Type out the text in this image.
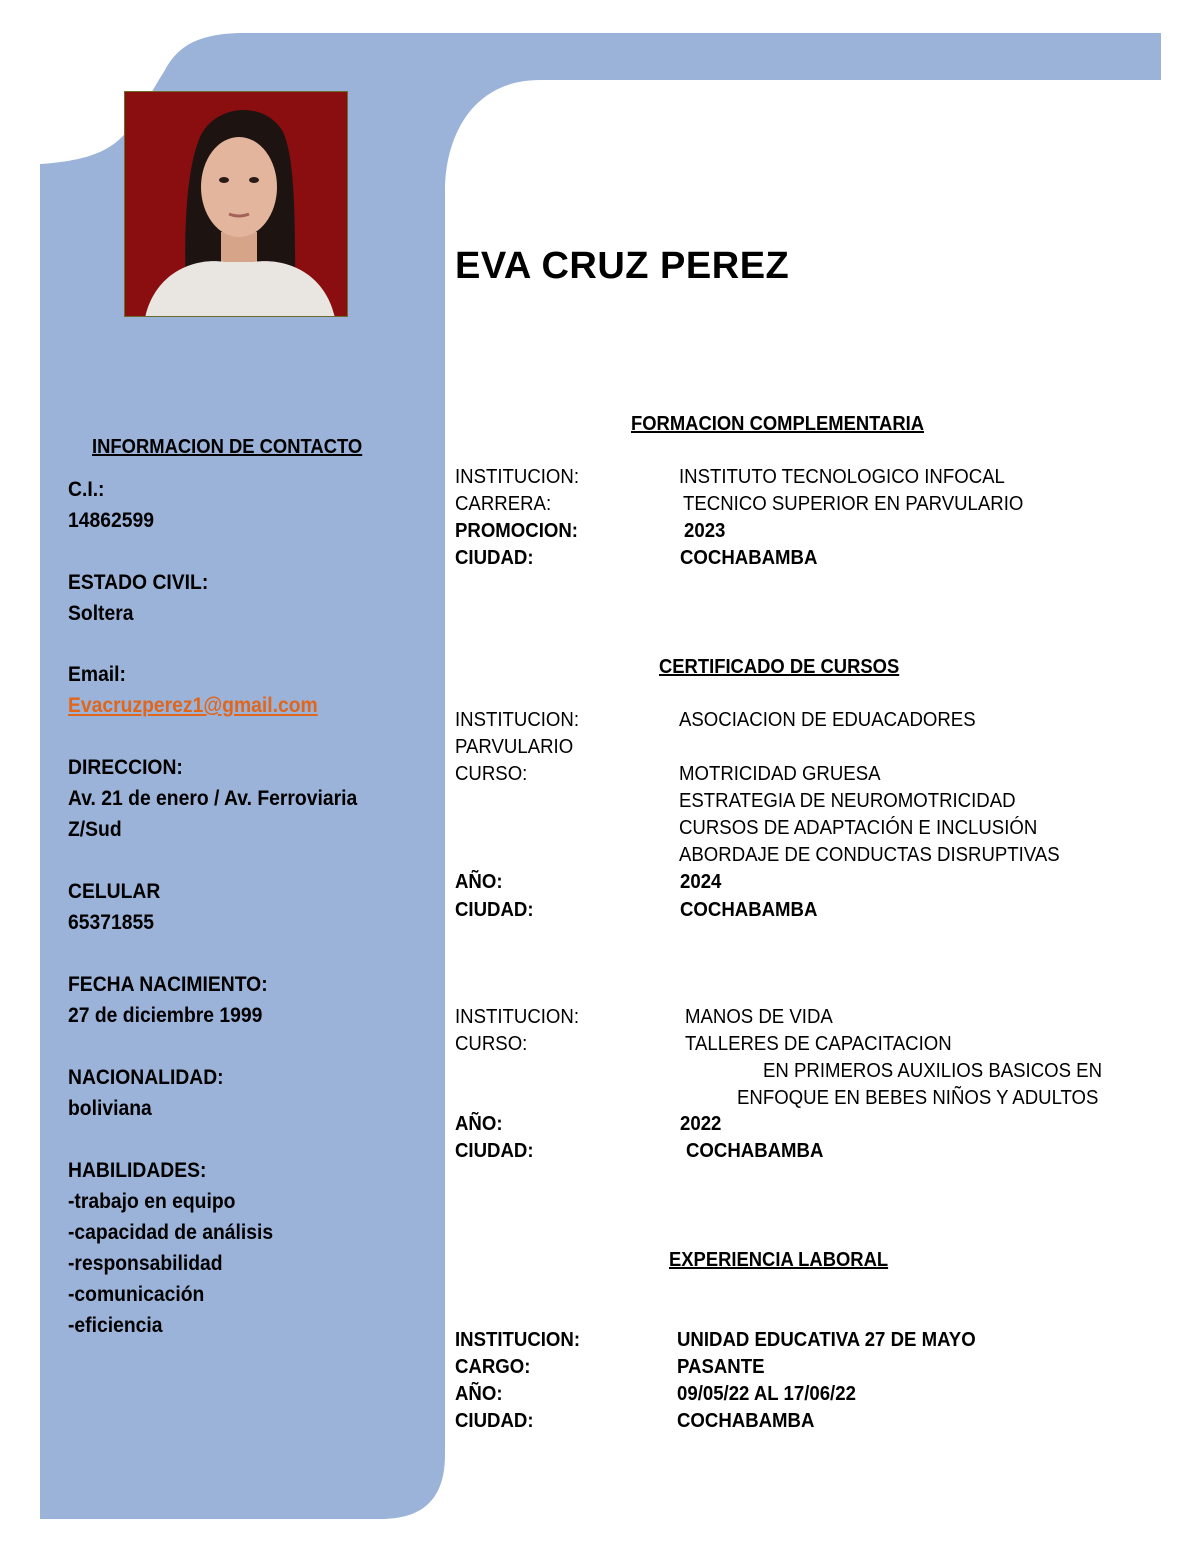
EVA CRUZ PEREZ
INFORMACION DE CONTACTO
C.I.:
14862599
ESTADO CIVIL:
Soltera
Email:
Evacruzperez1@gmail.com
DIRECCION:
Av. 21 de enero / Av. Ferroviaria
Z/Sud
CELULAR
65371855
FECHA NACIMIENTO:
27 de diciembre 1999
NACIONALIDAD:
boliviana
HABILIDADES:
-trabajo en equipo
-capacidad de análisis
-responsabilidad
-comunicación
-eficiencia
FORMACION COMPLEMENTARIA
INSTITUCION:	INSTITUTO TECNOLOGICO INFOCAL
CARRERA:	TECNICO SUPERIOR EN PARVULARIO
PROMOCION:	2023
CIUDAD:	COCHABAMBA
CERTIFICADO DE CURSOS
INSTITUCION:	ASOCIACION DE EDUACADORES
PARVULARIO
CURSO:	MOTRICIDAD GRUESA
ESTRATEGIA DE NEUROMOTRICIDAD
CURSOS DE ADAPTACIÓN E INCLUSIÓN
ABORDAJE DE CONDUCTAS DISRUPTIVAS
AÑO:	2024
CIUDAD:	COCHABAMBA
INSTITUCION:	MANOS DE VIDA
CURSO:	TALLERES DE CAPACITACION
EN PRIMEROS AUXILIOS BASICOS EN
ENFOQUE EN BEBES NIÑOS Y ADULTOS
AÑO:	2022
CIUDAD:	COCHABAMBA
EXPERIENCIA LABORAL
INSTITUCION:	UNIDAD EDUCATIVA 27 DE MAYO
CARGO:	PASANTE
AÑO:	09/05/22 AL 17/06/22
CIUDAD:	COCHABAMBA
